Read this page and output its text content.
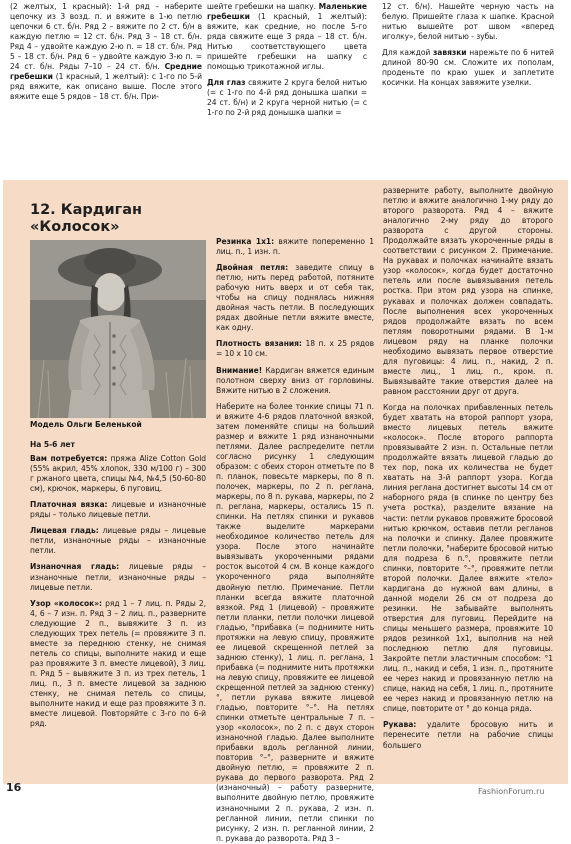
(2 желтых, 1 красный): 1-й ряд – наберите цепочку из 3 возд. п. и вяжите в 1-ю петлю цепочки 6 ст. б/н. Ряд 2 – вяжите по 2 ст. б/н в каждую петлю = 12 ст. б/н. Ряд 3 – 18 ст. б/н. Ряд 4 – удвойте каждую 2-ю п. = 18 ст. б/н. Ряд 5 – 18 ст. б/н. Ряд 6 – удвойте каждую 3-ю п. = 24 ст. б/н. Ряды 7–10 – 24 ст. б/н. Средние гребешки (1 красный, 1 желтый): с 1-го по 5-й ряд вяжите, как описано выше. После этого вяжите еще 5 рядов – 18 ст. б/н. При-

шейте гребешки на шапку. Маленькие гребешки (1 красный, 1 желтый): вяжите, как средние, но после 5-го ряда свяжите еще 3 ряда – 18 ст. б/н. Нитью соответствующего цвета пришейте гребешки на шапку с помощью трикотажной иглы.

Для глаз свяжите 2 круга белой нитью (= с 1-го по 4-й ряд донышка шапки = 24 ст. б/н) и 2 круга черной нитью (= с 1-го по 2-й ряд донышка шапки =

12 ст. б/н). Нашейте черную часть на белую. Пришейте глаза к шапке. Красной нитью вышейте рот швом «вперед иголку», белой нитью - зубы.

Для каждой завязки нарежьте по 6 нитей длиной 80-90 см. Сложите их пополам, проденьте по краю ушек и заплетите косички. На концах завяжите узелки.

12. Кардиган
«Колосок»
Модель Ольги Беленькой

На 5-6 лет

Вам потребуется: пряжа Alize Cotton Gold (55% акрил, 45% хлопок, 330 м/100 г) – 300 г ржаного цвета, спицы №4, №4,5 (50-60-80 см), крючок, маркеры, 6 пуговиц.

Платочная вязка: лицевые и изнаночные ряды – только лицевые петли.

Лицевая гладь: лицевые ряды – лицевые петли, изнаночные ряды – изнаночные петли.

Изнаночная гладь: лицевые ряды – изнаночные петли, изнаночные ряды – лицевые петли.

Узор «колосок»: ряд 1 – 7 лиц. п. Ряды 2, 4, 6 – 7 изн. п. Ряд 3 – 2 лиц. п., разверните следующие 2 п., вывяжите 3 п. из следующих трех петель (= провяжите 3 п. вместе за переднюю стенку, не снимая петель со спицы, выполните накид и еще раз провяжите 3 п. вместе лицевой), 3 лиц. п. Ряд 5 – вывяжите 3 п. из трех петель, 1 лиц. п., 3 п. вместе лицевой за заднюю стенку, не снимая петель со спицы, выполните накид и еще раз провяжите 3 п. вместе лицевой. Повторяйте с 3-го по 6-й ряд.

Резинка 1х1: вяжите попеременно 1 лиц. п., 1 изн. п.

Двойная петля: заведите спицу в петлю, нить перед работой, потяните рабочую нить вверх и от себя так, чтобы на спицу поднялась нижняя двойная часть петли. В последующих рядах двойные петли вяжите вместе, как одну.

Плотность вязания: 18 п. x 25 рядов = 10 x 10 см.

Внимание! Кардиган вяжется единым полотном сверху вниз от горловины. Вяжите нитью в 2 сложения.

Наберите на более тонкие спицы 71 п. и вяжите 4-6 рядов платочной вязкой, затем поменяйте спицы на больший размер и вяжите 1 ряд изнаночными петлями. Далее распределите петли согласно рисунку 1 следующим образом: с обеих сторон отметьте по 8 п. планок, повесьте маркеры, по 8 п. полочек, маркеры, по 2 п. реглана, маркеры, по 8 п. рукава, маркеры, по 2 п. реглана, маркеры, остались 15 п. спинки. На петлях спинки и рукавов также выделите маркерами необходимое количество петель для узора. После этого начинайте вывязывать укороченными рядами росток высотой 4 см. В конце каждого укороченного ряда выполняйте двойную петлю. Примечание. Петли планки всегда вяжите платочной вязкой. Ряд 1 (лицевой) – провяжите петли планки, петли полочки лицевой гладью, °прибавка (= поднимите нить протяжки на левую спицу, провяжите ее лицевой скрещенной петлей за заднюю стенку), 1 лиц. п. реглана, 1 прибавка (= поднимите нить протяжки на левую спицу, провяжите ее лицевой скрещенной петлей за заднюю стенку)°, петли рукава вяжите лицевой гладью, повторите °–°. На петлях спинки отметьте центральные 7 п. – узор «колосок», по 2 п. с двух сторон изнаночной гладью. Далее выполните прибавки вдоль регланной линии, повторив °–°, разверните и вяжите двойную петлю, = провяжите 2 п. рукава до первого разворота. Ряд 2 (изнаночный) – работу разверните, выполните двойную петлю, провяжите изнаночными 2 п. рукава, 2 изн. п. регланной линии, петли спинки по рисунку, 2 изн. п. регланной линии, 2 п. рукава до разворота. Ряд 3 –

разверните работу, выполните двойную петлю и вяжите аналогично 1-му ряду до второго разворота. Ряд 4 – вяжите аналогично 2-му ряду до второго разворота с другой стороны. Продолжайте вязать укороченные ряды в соответствии с рисунком 2. Примечание. На рукавах и полочках начинайте вязать узор «колосок», когда будет достаточно петель или после вывязывания петель ростка. При этом ряд узора на спинке, рукавах и полочках должен совпадать. После выполнения всех укороченных рядов продолжайте вязать по всем петлям поворотными рядами. В 1-м лицевом ряду на планке полочки необходимо вывязать первое отверстие для пуговицы: 4 лиц. п., накид, 2 п. вместе лиц., 1 лиц. п., кром. п. Вывязывайте такие отверстия далее на равном расстоянии друг от друга.

Когда на полочках прибавленных петель будет хватать на второй раппорт узора, вместо лицевых петель вяжите «колосок». После второго раппорта провязывайте 2 изн. п. Остальные петли продолжайте вязать лицевой гладью до тех пор, пока их количества не будет хватать на 3-й раппорт узора. Когда линия реглана достигнет высоты 14 см от наборного ряда (в спинке по центру без учета ростка), разделите вязание на части: петли рукавов провяжите бросовой нитью крючком, оставив петли регланов на полочки и спинку. Далее провяжите петли полочки, °наберите бросовой нитью для подреза 6 п.°, провяжите петли спинки, повторите °–°, провяжите петли второй полочки. Далее вяжите «тело» кардигана до нужной вам длины, в данной модели 26 см от подреза до резинки. Не забывайте выполнять отверстия для пуговиц. Перейдите на спицы меньшего размера, провяжите 10 рядов резинкой 1х1, выполнив на ней последнюю петлю для пуговицы. Закройте петли эластичным способом: °1 лиц. п., накид и себя, 1 изн. п., протяните ее через накид и провязанную петлю на спице, накид на себя, 1 лиц. п., протяните ее через накид и провязанную петлю на спице, повторите от ° до конца ряда.

Рукава: удалите бросовую нить и перенесите петли на рабочие спицы большего

16	FashionForum.ru
